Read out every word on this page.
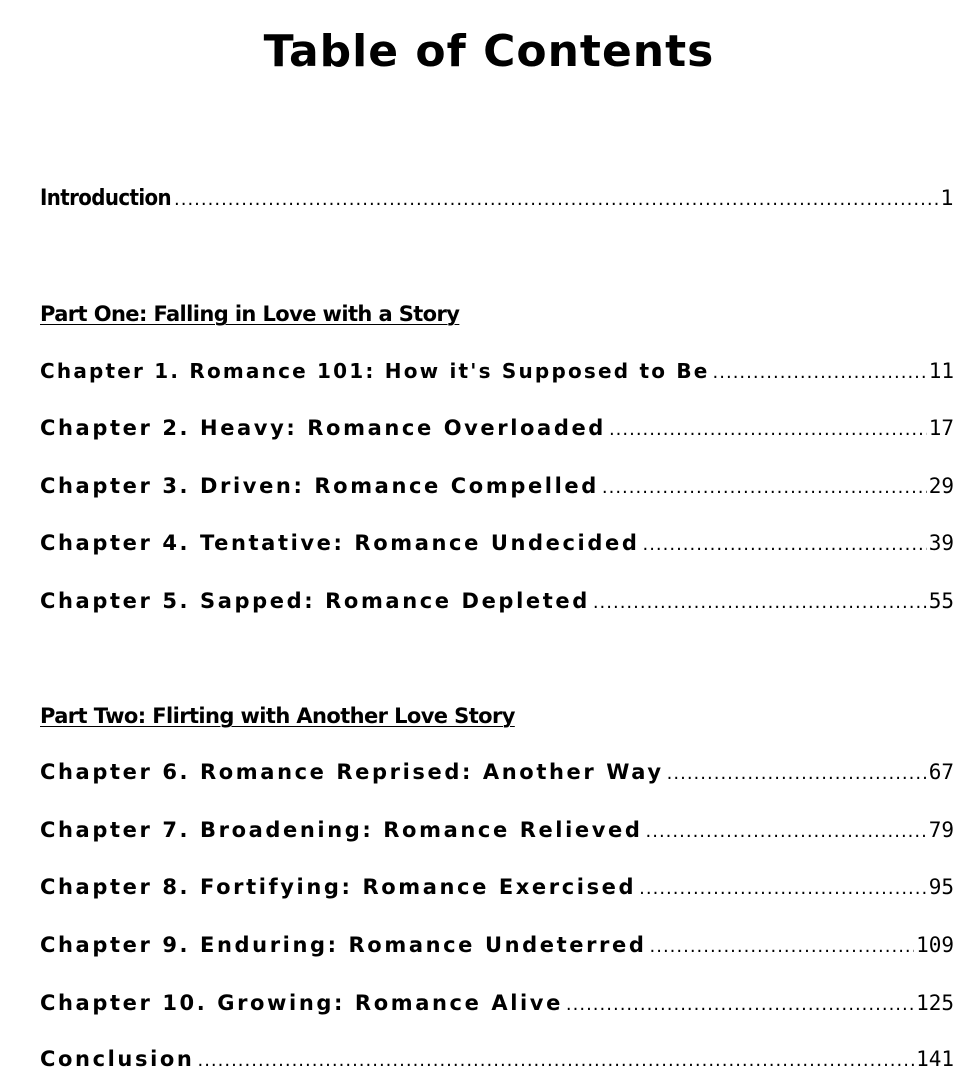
Table of Contents
Introduction .....	1
Part One: Falling in Love with a Story
Chapter 1. Romance 101: How it's Supposed to Be .....	11
Chapter 2. Heavy: Romance Overloaded .....	17
Chapter 3. Driven: Romance Compelled .....	29
Chapter 4. Tentative: Romance Undecided .....	39
Chapter 5. Sapped: Romance Depleted .....	55
Part Two: Flirting with Another Love Story
Chapter 6. Romance Reprised: Another Way .....	67
Chapter 7. Broadening: Romance Relieved .....	79
Chapter 8. Fortifying: Romance Exercised .....	95
Chapter 9. Enduring: Romance Undeterred .....	109
Chapter 10. Growing: Romance Alive .....	125
Conclusion .....	141
